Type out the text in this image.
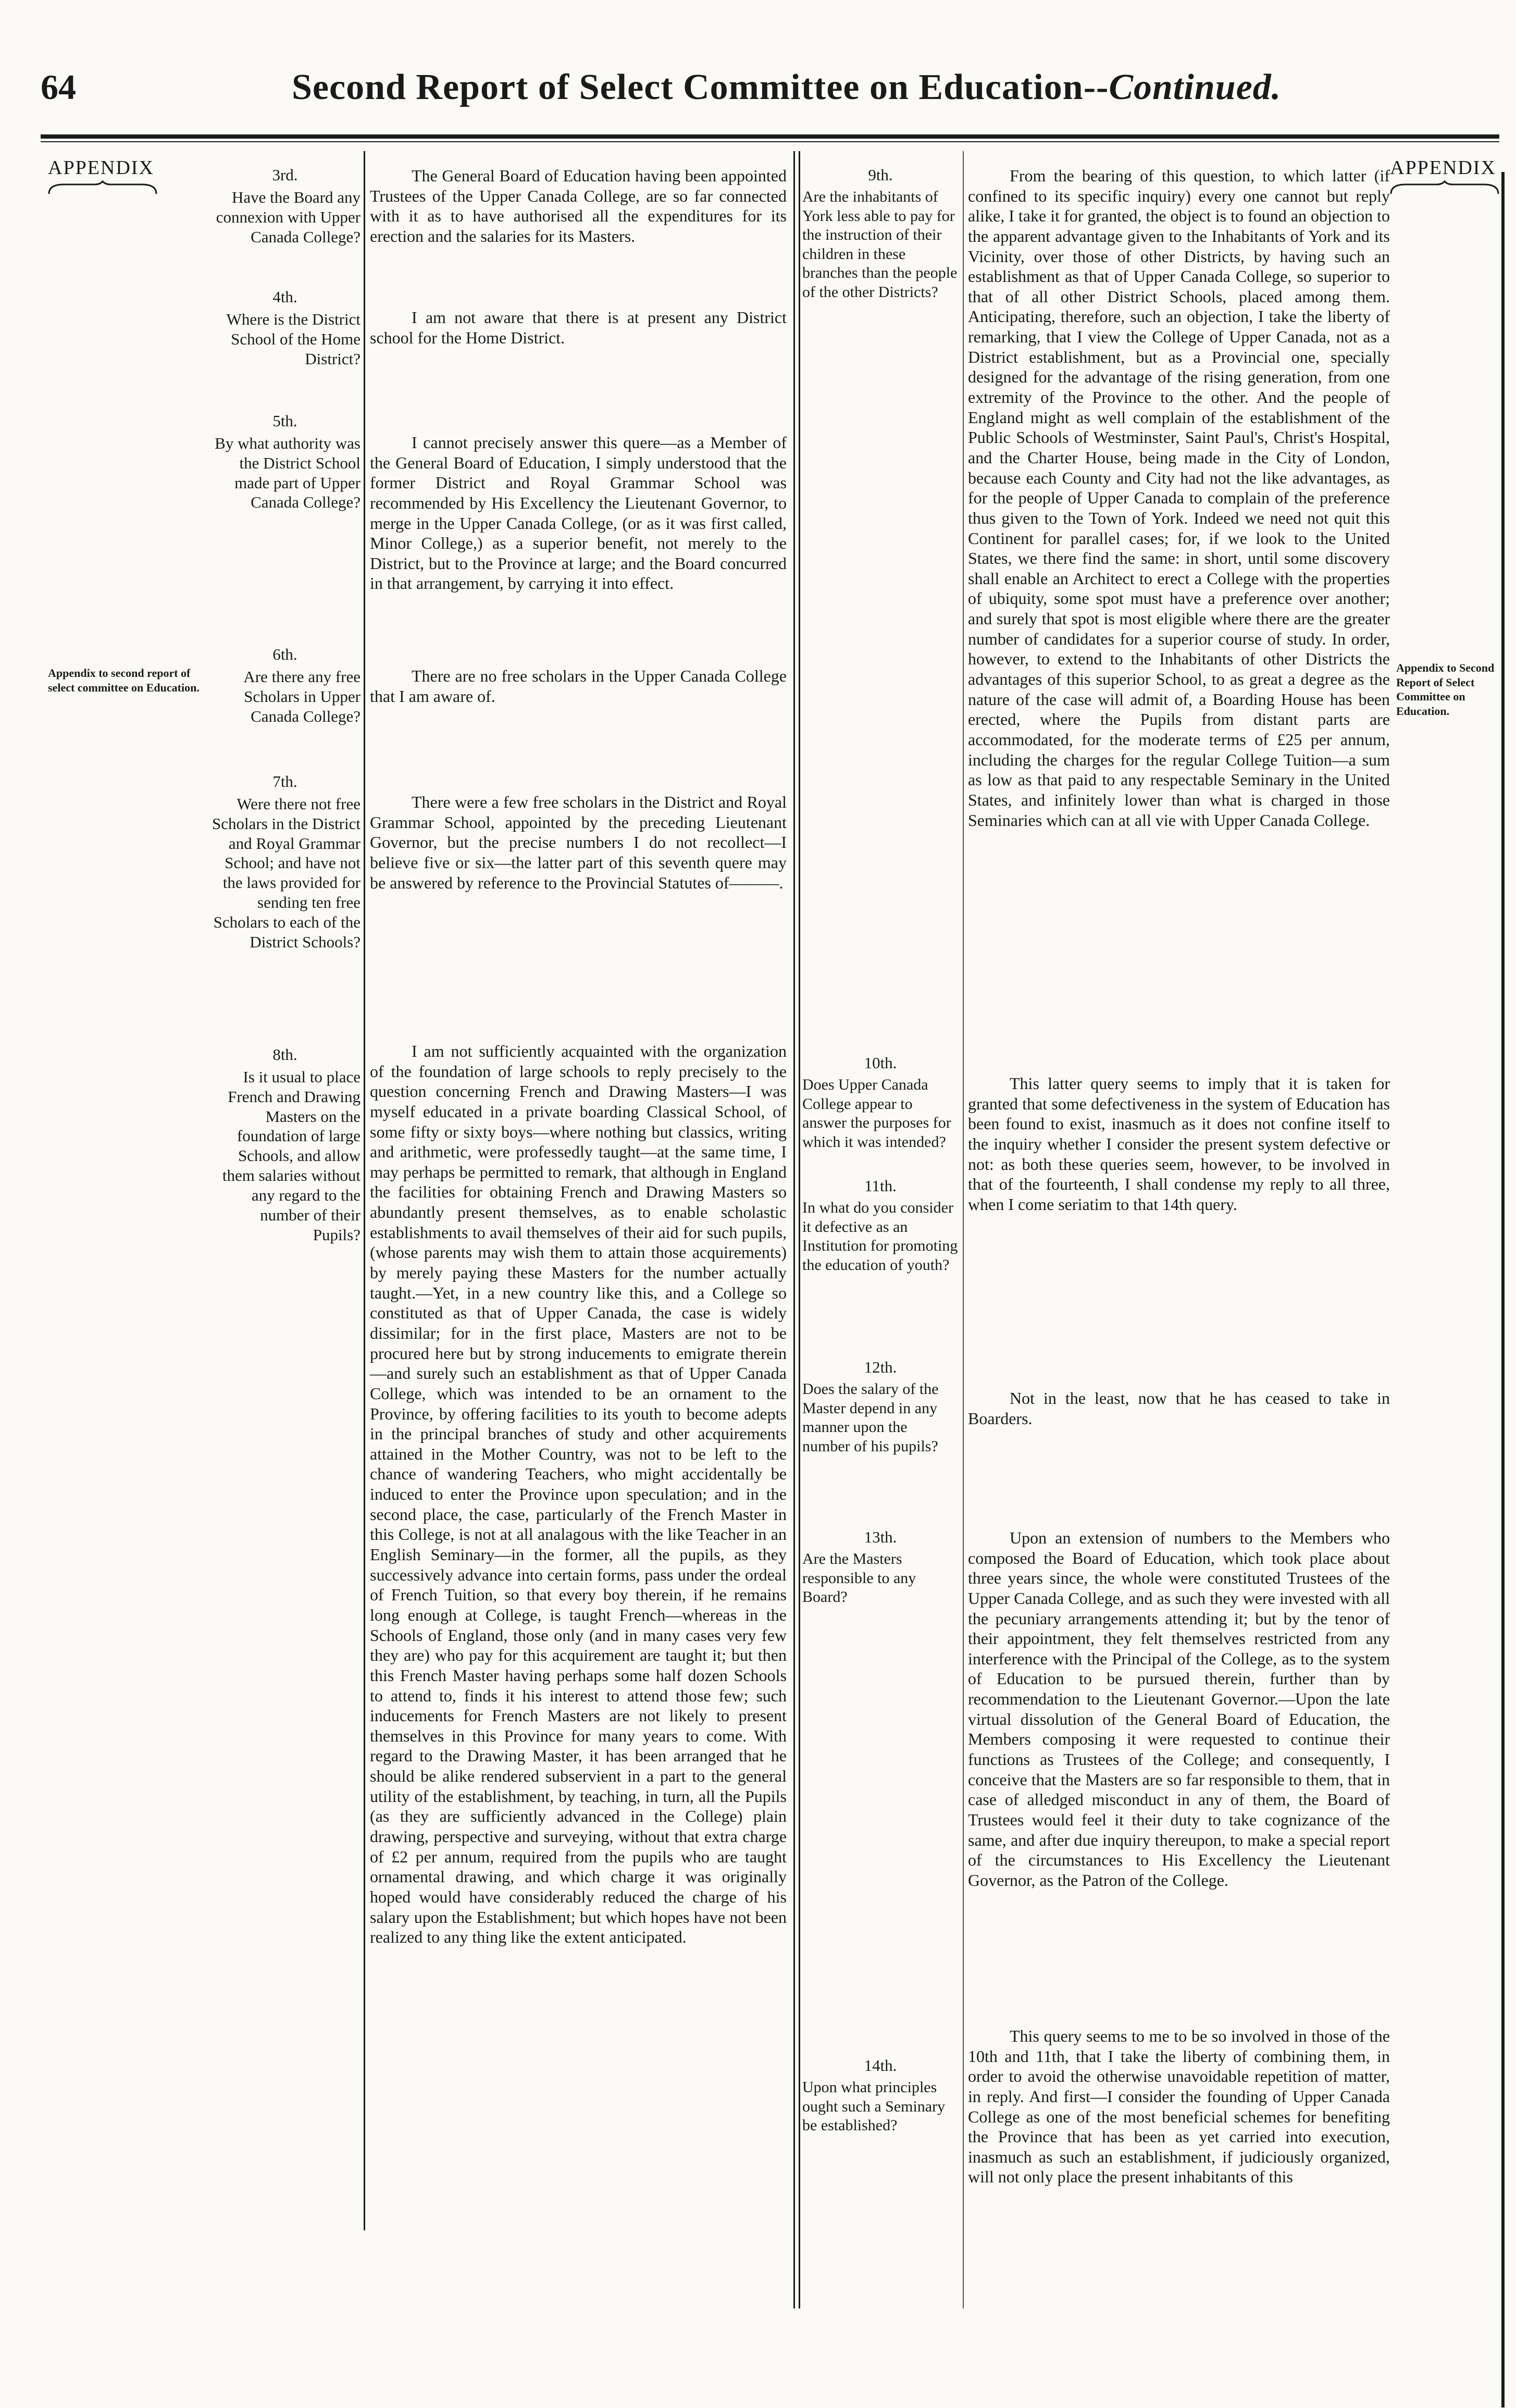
64	Second Report of Select Committee on Education--Continued.
APPENDIX	APPENDIX
Appendix to second report of select committee on Education.
Appendix to Second Report of Select Committee on Education.
3rd.
Have the Board any connexion with Upper Canada College?
4th.
Where is the District School of the Home District?
5th.
By what authority was the District School made part of Upper Canada College?
6th.
Are there any free Scholars in Upper Canada College?
7th.
Were there not free Scholars in the District and Royal Grammar School; and have not the laws provided for sending ten free Scholars to each of the District Schools?
8th.
Is it usual to place French and Drawing Masters on the foundation of large Schools, and allow them salaries without any regard to the number of their Pupils?

The General Board of Education having been appointed Trustees of the Upper Canada College, are so far connected with it as to have authorised all the expenditures for its erection and the salaries for its Masters.

I am not aware that there is at present any District school for the Home District.

I cannot precisely answer this quere—as a Member of the General Board of Education, I simply understood that the former District and Royal Grammar School was recommended by His Excellency the Lieutenant Governor, to merge in the Upper Canada College, (or as it was first called, Minor College,) as a superior benefit, not merely to the District, but to the Province at large; and the Board concurred in that arrangement, by carrying it into effect.

There are no free scholars in the Upper Canada College that I am aware of.

There were a few free scholars in the District and Royal Grammar School, appointed by the preceding Lieutenant Governor, but the precise numbers I do not recollect—I believe five or six—the latter part of this seventh quere may be answered by reference to the Provincial Statutes of———.

I am not sufficiently acquainted with the organization of the foundation of large schools to reply precisely to the question concerning French and Drawing Masters—I was myself educated in a private boarding Classical School, of some fifty or sixty boys—where nothing but classics, writing and arithmetic, were professedly taught—at the same time, I may perhaps be permitted to remark, that although in England the facilities for obtaining French and Drawing Masters so abundantly present themselves, as to enable scholastic establishments to avail themselves of their aid for such pupils, (whose parents may wish them to attain those acquirements) by merely paying these Masters for the number actually taught.—Yet, in a new country like this, and a College so constituted as that of Upper Canada, the case is widely dissimilar; for in the first place, Masters are not to be procured here but by strong inducements to emigrate therein—and surely such an establishment as that of Upper Canada College, which was intended to be an ornament to the Province, by offering facilities to its youth to become adepts in the principal branches of study and other acquirements attained in the Mother Country, was not to be left to the chance of wandering Teachers, who might accidentally be induced to enter the Province upon speculation; and in the second place, the case, particularly of the French Master in this College, is not at all analagous with the like Teacher in an English Seminary—in the former, all the pupils, as they successively advance into certain forms, pass under the ordeal of French Tuition, so that every boy therein, if he remains long enough at College, is taught French—whereas in the Schools of England, those only (and in many cases very few they are) who pay for this acquirement are taught it; but then this French Master having perhaps some half dozen Schools to attend to, finds it his interest to attend those few; such inducements for French Masters are not likely to present themselves in this Province for many years to come. With regard to the Drawing Master, it has been arranged that he should be alike rendered subservient in a part to the general utility of the establishment, by teaching, in turn, all the Pupils (as they are sufficiently advanced in the College) plain drawing, perspective and surveying, without that extra charge of £2 per annum, required from the pupils who are taught ornamental drawing, and which charge it was originally hoped would have considerably reduced the charge of his salary upon the Establishment; but which hopes have not been realized to any thing like the extent anticipated.

9th.
Are the inhabitants of York less able to pay for the instruction of their children in these branches than the people of the other Districts?
10th.
Does Upper Canada College appear to answer the purposes for which it was intended?
11th.
In what do you consider it defective as an Institution for promoting the education of youth?
12th.
Does the salary of the Master depend in any manner upon the number of his pupils?
13th.
Are the Masters responsible to any Board?
14th.
Upon what principles ought such a Seminary be established?

From the bearing of this question, to which latter (if confined to its specific inquiry) every one cannot but reply alike, I take it for granted, the object is to found an objection to the apparent advantage given to the Inhabitants of York and its Vicinity, over those of other Districts, by having such an establishment as that of Upper Canada College, so superior to that of all other District Schools, placed among them. Anticipating, therefore, such an objection, I take the liberty of remarking, that I view the College of Upper Canada, not as a District establishment, but as a Provincial one, specially designed for the advantage of the rising generation, from one extremity of the Province to the other. And the people of England might as well complain of the establishment of the Public Schools of Westminster, Saint Paul's, Christ's Hospital, and the Charter House, being made in the City of London, because each County and City had not the like advantages, as for the people of Upper Canada to complain of the preference thus given to the Town of York. Indeed we need not quit this Continent for parallel cases; for, if we look to the United States, we there find the same: in short, until some discovery shall enable an Architect to erect a College with the properties of ubiquity, some spot must have a preference over another; and surely that spot is most eligible where there are the greater number of candidates for a superior course of study. In order, however, to extend to the Inhabitants of other Districts the advantages of this superior School, to as great a degree as the nature of the case will admit of, a Boarding House has been erected, where the Pupils from distant parts are accommodated, for the moderate terms of £25 per annum, including the charges for the regular College Tuition—a sum as low as that paid to any respectable Seminary in the United States, and infinitely lower than what is charged in those Seminaries which can at all vie with Upper Canada College.

This latter query seems to imply that it is taken for granted that some defectiveness in the system of Education has been found to exist, inasmuch as it does not confine itself to the inquiry whether I consider the present system defective or not: as both these queries seem, however, to be involved in that of the fourteenth, I shall condense my reply to all three, when I come seriatim to that 14th query.

Not in the least, now that he has ceased to take in Boarders.

Upon an extension of numbers to the Members who composed the Board of Education, which took place about three years since, the whole were constituted Trustees of the Upper Canada College, and as such they were invested with all the pecuniary arrangements attending it; but by the tenor of their appointment, they felt themselves restricted from any interference with the Principal of the College, as to the system of Education to be pursued therein, further than by recommendation to the Lieutenant Governor.—Upon the late virtual dissolution of the General Board of Education, the Members composing it were requested to continue their functions as Trustees of the College; and consequently, I conceive that the Masters are so far responsible to them, that in case of alledged misconduct in any of them, the Board of Trustees would feel it their duty to take cognizance of the same, and after due inquiry thereupon, to make a special report of the circumstances to His Excellency the Lieutenant Governor, as the Patron of the College.

This query seems to me to be so involved in those of the 10th and 11th, that I take the liberty of combining them, in order to avoid the otherwise unavoidable repetition of matter, in reply. And first—I consider the founding of Upper Canada College as one of the most beneficial schemes for benefiting the Province that has been as yet carried into execution, inasmuch as such an establishment, if judiciously organized, will not only place the present inhabitants of this
